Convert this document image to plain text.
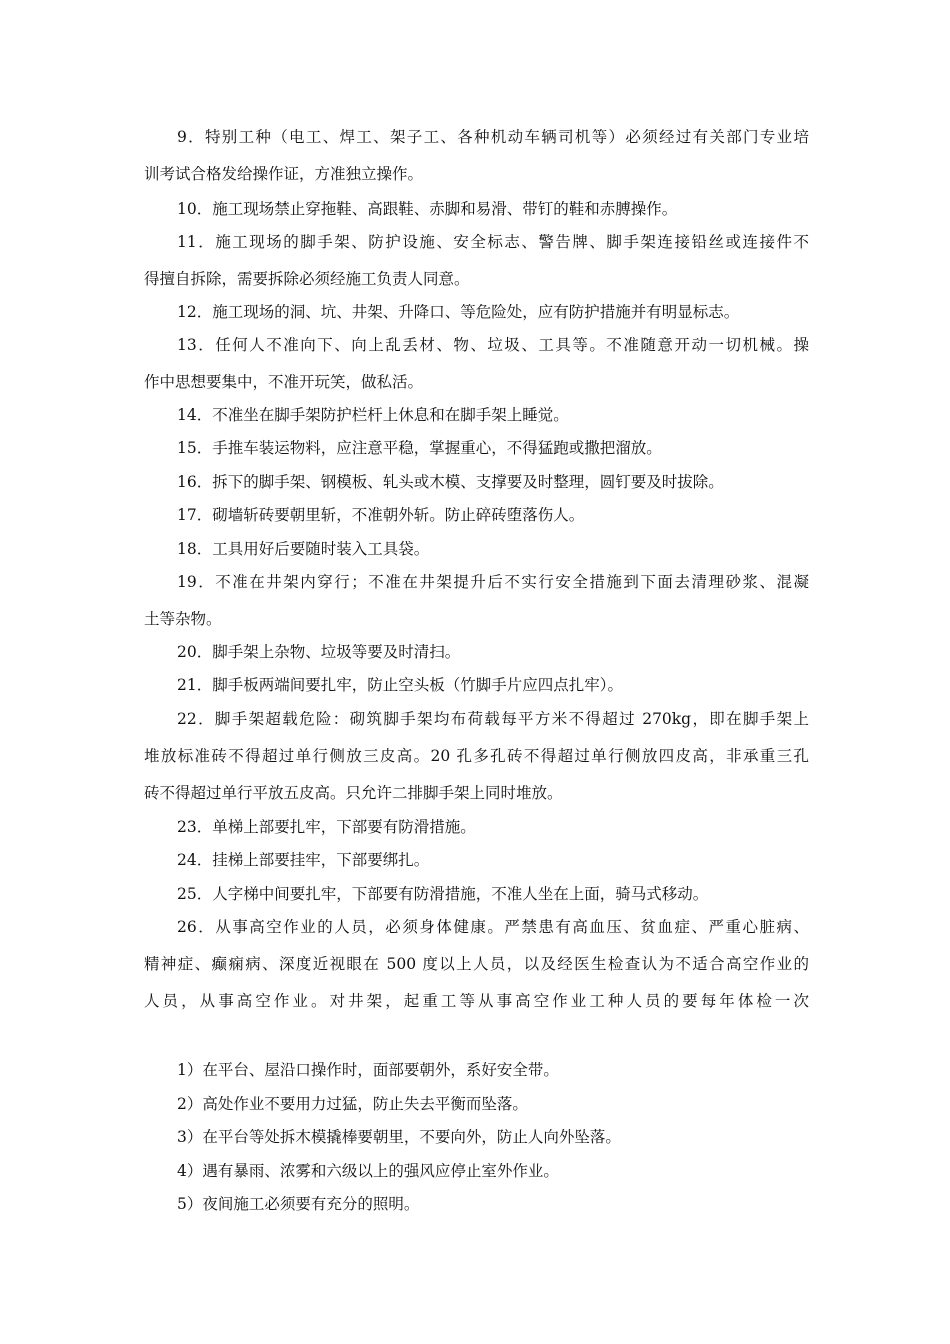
9．特别工种（电工、焊工、架子工、各种机动车辆司机等）必须经过有关部门专业培
训考试合格发给操作证，方准独立操作。
10．施工现场禁止穿拖鞋、高跟鞋、赤脚和易滑、带钉的鞋和赤膊操作。
11．施工现场的脚手架、防护设施、安全标志、警告牌、脚手架连接铅丝或连接件不
得擅自拆除，需要拆除必须经施工负责人同意。
12．施工现场的洞、坑、井架、升降口、等危险处，应有防护措施并有明显标志。
13．任何人不准向下、向上乱丢材、物、垃圾、工具等。不准随意开动一切机械。操
作中思想要集中，不准开玩笑，做私活。
14．不准坐在脚手架防护栏杆上休息和在脚手架上睡觉。
15．手推车装运物料，应注意平稳，掌握重心，不得猛跑或撒把溜放。
16．拆下的脚手架、钢模板、轧头或木模、支撑要及时整理，圆钉要及时拔除。
17．砌墙斩砖要朝里斩，不准朝外斩。防止碎砖堕落伤人。
18．工具用好后要随时装入工具袋。
19．不准在井架内穿行；不准在井架提升后不实行安全措施到下面去清理砂浆、混凝
土等杂物。
20．脚手架上杂物、垃圾等要及时清扫。
21．脚手板两端间要扎牢，防止空头板（竹脚手片应四点扎牢）。
22．脚手架超载危险：砌筑脚手架均布荷载每平方米不得超过 270kg，即在脚手架上
堆放标准砖不得超过单行侧放三皮高。20 孔多孔砖不得超过单行侧放四皮高，非承重三孔
砖不得超过单行平放五皮高。只允许二排脚手架上同时堆放。
23．单梯上部要扎牢，下部要有防滑措施。
24．挂梯上部要挂牢，下部要绑扎。
25．人字梯中间要扎牢，下部要有防滑措施，不准人坐在上面，骑马式移动。
26．从事高空作业的人员，必须身体健康。严禁患有高血压、贫血症、严重心脏病、
精神症、癫痫病、深度近视眼在 500 度以上人员，以及经医生检查认为不适合高空作业的
人员，从事高空作业。对井架，起重工等从事高空作业工种人员的要每年体检一次
1）在平台、屋沿口操作时，面部要朝外，系好安全带。
2）高处作业不要用力过猛，防止失去平衡而坠落。
3）在平台等处拆木模撬棒要朝里，不要向外，防止人向外坠落。
4）遇有暴雨、浓雾和六级以上的强风应停止室外作业。
5）夜间施工必须要有充分的照明。
